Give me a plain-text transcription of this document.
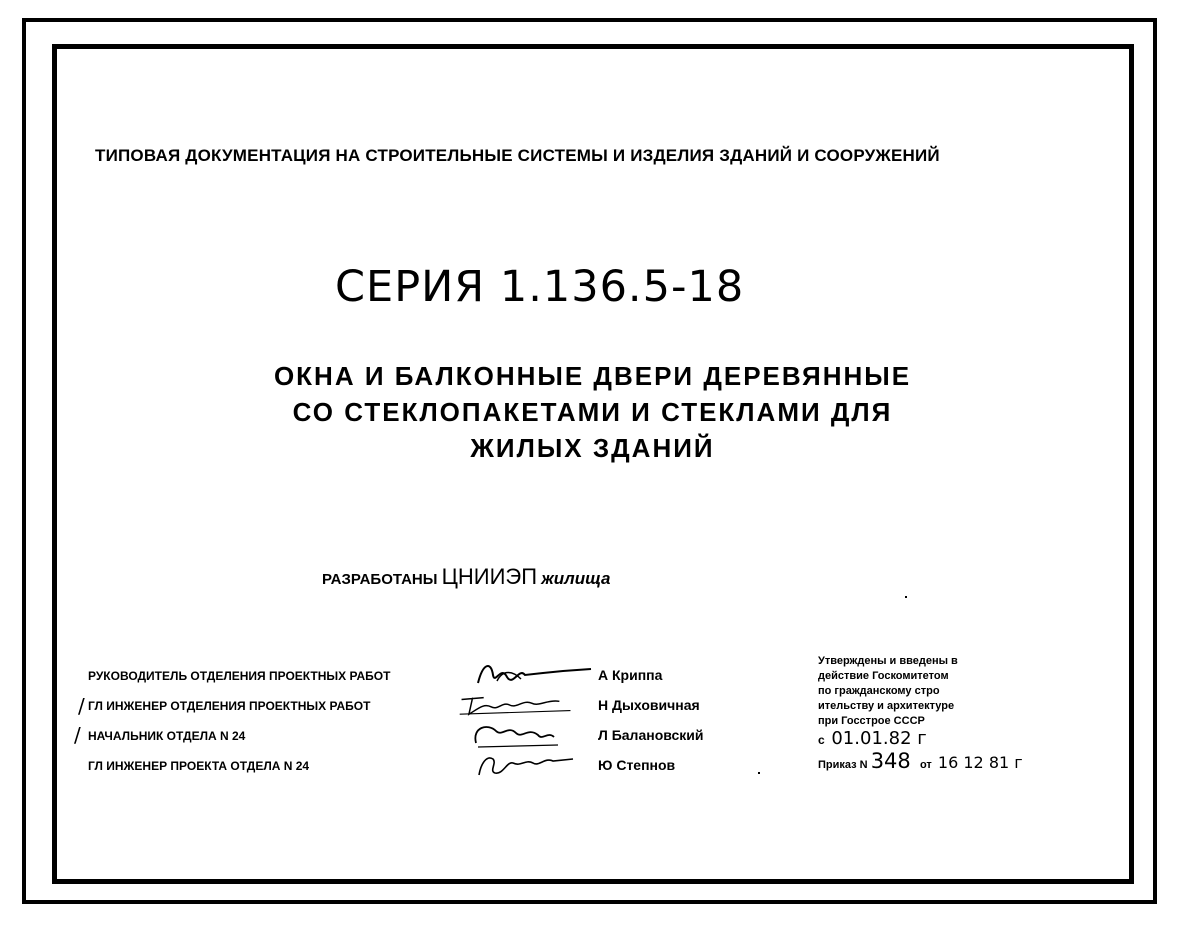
ТИПОВАЯ ДОКУМЕНТАЦИЯ НА СТРОИТЕЛЬНЫЕ СИСТЕМЫ И ИЗДЕЛИЯ ЗДАНИЙ И СООРУЖЕНИЙ
СЕРИЯ 1.136.5-18
ОКНА И БАЛКОННЫЕ ДВЕРИ ДЕРЕВЯННЫЕ
СО СТЕКЛОПАКЕТАМИ И СТЕКЛАМИ ДЛЯ
ЖИЛЫХ ЗДАНИЙ
РАЗРАБОТАНЫ ЦНИИЭП жилища
РУКОВОДИТЕЛЬ ОТДЕЛЕНИЯ ПРОЕКТНЫХ РАБОТ	А Криппа
ГЛ ИНЖЕНЕР ОТДЕЛЕНИЯ ПРОЕКТНЫХ РАБОТ	Н Дыховичная
НАЧАЛЬНИК ОТДЕЛА N 24	Л Балановский
ГЛ ИНЖЕНЕР ПРОЕКТА ОТДЕЛА N 24	Ю Степнов
/
/
Утверждены и введены в
действие Госкомитетом
по гражданскому стро
ительству и архитектуре
при Госстрое СССР
с 01.01.82 г
Приказ N 348 от 16 12 81 г
